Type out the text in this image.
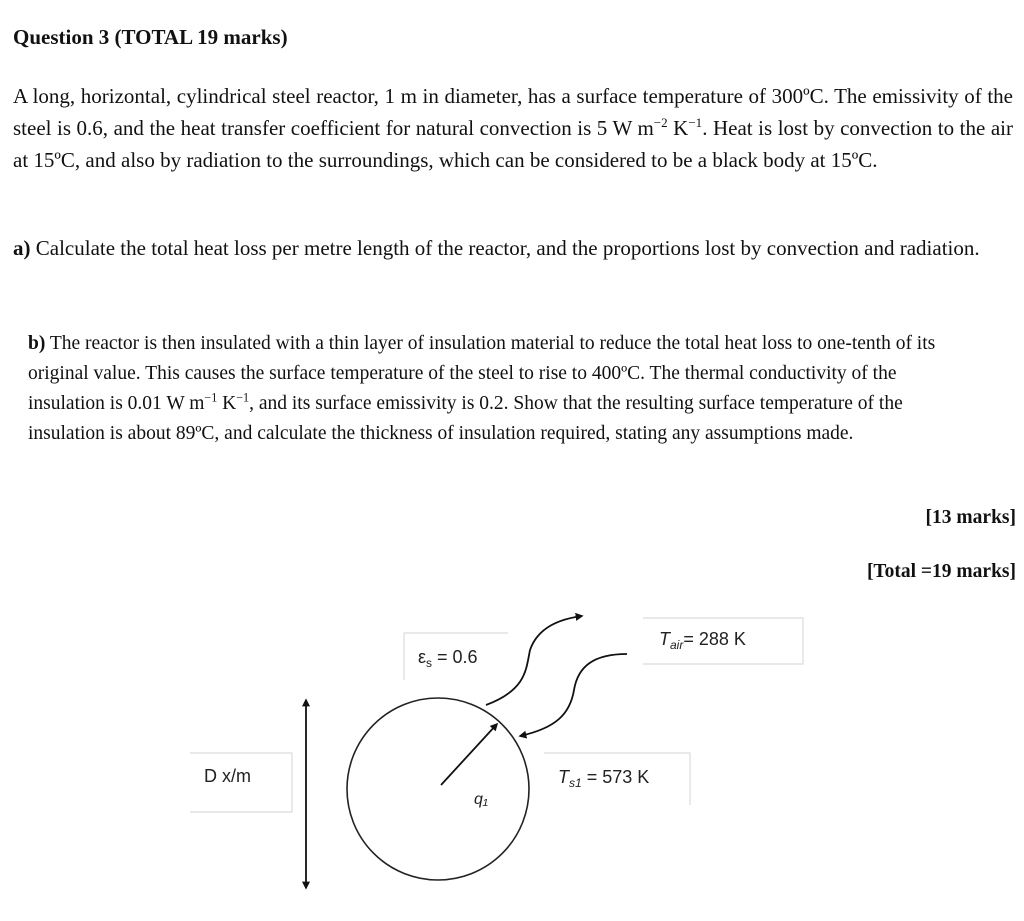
Question 3 (TOTAL 19 marks)

A long, horizontal, cylindrical steel reactor, 1 m in diameter, has a surface temperature of 300ºC. The emissivity of the steel is 0.6, and the heat transfer coefficient for natural convection is 5 W $m^{-2}$ $K^{-1}$. Heat is lost by convection to the air at 15ºC, and also by radiation to the surroundings, which can be considered to be a black body at 15ºC.

a) Calculate the total heat loss per metre length of the reactor, and the proportions lost by convection and radiation.

b) The reactor is then insulated with a thin layer of insulation material to reduce the total heat loss to one-tenth of its original value. This causes the surface temperature of the steel to rise to 400ºC. The thermal conductivity of the insulation is 0.01 W $m^{-1}$ $K^{-1}$, and its surface emissivity is 0.2. Show that the resulting surface temperature of the insulation is about 89ºC, and calculate the thickness of insulation required, stating any assumptions made.

[13 marks]
[Total =19 marks]
$\varepsilon_s = 0.6$
$T_{air}= 288$ K
D x/m	$T_{s1} = 573$ K
q₁
